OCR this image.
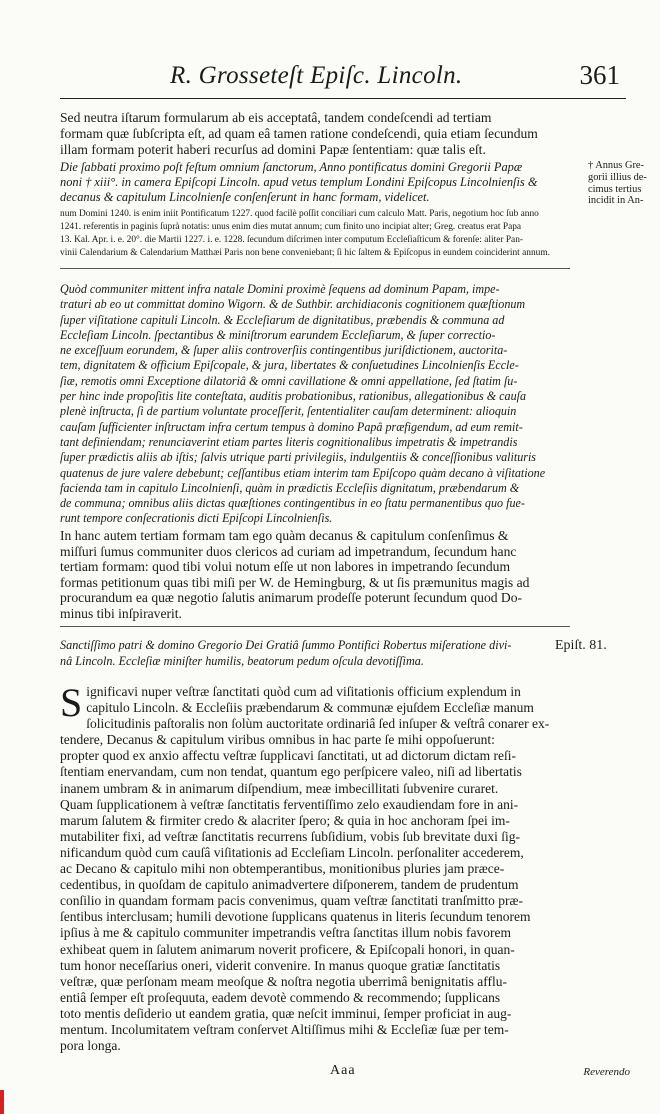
R. Grosseteſt Epiſc. Lincoln.	361

Sed neutra iſtarum formularum ab eis acceptatâ, tandem condeſcendi ad tertiam
formam quæ ſubſcripta eſt, ad quam eâ tamen ratione condeſcendi, quia etiam ſecundum
illam formam poterit haberi recurſus ad domini Papæ ſententiam: quæ talis eſt.

Die ſabbati proximo poſt feſtum omnium ſanctorum, Anno pontificatus domini Gregorii Papæ
noni † xiii°. in camera Epiſcopi Lincoln. apud vetus templum Londini Epiſcopus Lincolnienſis &
decanus & capitulum Lincolnienſe conſenſerunt in hanc formam, videlicet.

† Annus Gre-
gorii illius de-
cimus tertius
incidit in An-

num Domini 1240. is enim iniit Pontificatum 1227. quod facilè poſſit conciliari cum calculo Matt. Paris, negotium hoc ſub anno
1241. referentis in paginis ſuprà notatis: unus enim dies mutat annum; cum finito uno incipiat alter; Greg. creatus erat Papa
13. Kal. Apr. i. e. 20°. die Martii 1227. i. e. 1228. ſecundum diſcrimen inter computum Eccleſiaſticum & forenſe: aliter Pan-
vinii Calendarium & Calendarium Matthæi Paris non bene conveniebant; ſi hic ſaltem & Epiſcopus in eundem coinciderint annum.

Quòd communiter mittent infra natale Domini proximè ſequens ad dominum Papam, impe-
traturi ab eo ut committat domino Wigorn. & de Suthbir. archidiaconis cognitionem quæſtionum
ſuper viſitatione capituli Lincoln. & Eccleſiarum de dignitatibus, præbendis & communa ad
Eccleſiam Lincoln. ſpectantibus & miniſtrorum earundem Eccleſiarum, & ſuper correctio-
ne exceſſuum eorundem, & ſuper aliis controverſiis contingentibus juriſdictionem, auctorita-
tem, dignitatem & officium Epiſcopale, & jura, libertates & conſuetudines Lincolnienſis Eccle-
ſiæ, remotis omni Exceptione dilatoriâ & omni cavillatione & omni appellatione, ſed ſtatim ſu-
per hinc inde propoſitis lite conteſtata, auditis probationibus, rationibus, allegationibus & cauſa
plenè inſtructa, ſi de partium voluntate proceſſerit, ſententialiter cauſam determinent: alioquin
cauſam ſufficienter inſtructam infra certum tempus à domino Papâ præfigendum, ad eum remit-
tant definiendam; renunciaverint etiam partes literis cognitionalibus impetratis & impetrandis
ſuper prædictis aliis ab iſtis; ſalvis utrique parti privilegiis, indulgentiis & conceſſionibus valituris
quatenus de jure valere debebunt; ceſſantibus etiam interim tam Epiſcopo quàm decano à viſitatione
facienda tam in capitulo Lincolnienſi, quàm in prædictis Eccleſiis dignitatum, præbendarum &
de communa; omnibus aliis dictas quæſtiones contingentibus in eo ſtatu permanentibus quo fue-
runt tempore conſecrationis dicti Epiſcopi Lincolnienſis.

In hanc autem tertiam formam tam ego quàm decanus & capitulum conſenſimus &
miſſuri ſumus communiter duos clericos ad curiam ad impetrandum, ſecundum hanc
tertiam formam: quod tibi volui notum eſſe ut non labores in impetrando ſecundum
formas petitionum quas tibi miſi per W. de Hemingburg, & ut ſis præmunitus magis ad
procurandum ea quæ negotio ſalutis animarum prodeſſe poterunt ſecundum quod Do-
minus tibi inſpiraverit.

Sanctiſſimo patri & domino Gregorio Dei Gratiâ ſummo Pontifici Robertus miſeratione divi-
nâ Lincoln. Eccleſiæ miniſter humilis, beatorum pedum oſcula devotiſſima.

Epiſt. 81.

S ignificavi nuper veſtræ ſanctitati quòd cum ad viſitationis officium explendum in
capitulo Lincoln. & Eccleſiis præbendarum & communæ ejuſdem Eccleſiæ manum
ſolicitudinis paſtoralis non ſolùm auctoritate ordinariâ ſed inſuper & veſtrâ conarer ex-
tendere, Decanus & capitulum viribus omnibus in hac parte ſe mihi oppoſuerunt:
propter quod ex anxio affectu veſtræ ſupplicavi ſanctitati, ut ad dictorum dictam reſi-
ſtentiam enervandam, cum non tendat, quantum ego perſpicere valeo, niſi ad libertatis
inanem umbram & in animarum diſpendium, meæ imbecillitati ſubvenire curaret.
Quam ſupplicationem à veſtræ ſanctitatis ferventiſſimo zelo exaudiendam fore in ani-
marum ſalutem & firmiter credo & alacriter ſpero; & quia in hoc anchoram ſpei im-
mutabiliter fixi, ad veſtræ ſanctitatis recurrens ſubſidium, vobis ſub brevitate duxi ſig-
nificandum quòd cum cauſâ viſitationis ad Eccleſiam Lincoln. perſonaliter accederem,
ac Decano & capitulo mihi non obtemperantibus, monitionibus pluries jam præce-
cedentibus, in quoſdam de capitulo animadvertere diſponerem, tandem de prudentum
conſilio in quandam formam pacis convenimus, quam veſtræ ſanctitati tranſmitto præ-
ſentibus interclusam; humili devotione ſupplicans quatenus in literis ſecundum tenorem
ipſius à me & capitulo communiter impetrandis veſtra ſanctitas illum nobis favorem
exhibeat quem in ſalutem animarum noverit proficere, & Epiſcopali honori, in quan-
tum honor neceſſarius oneri, viderit convenire. In manus quoque gratiæ ſanctitatis
veſtræ, quæ perſonam meam meoſque & noſtra negotia uberrimâ benignitatis afflu-
entiâ ſemper eſt proſequuta, eadem devotè commendo & recommendo; ſupplicans
toto mentis deſiderio ut eandem gratia, quæ neſcit imminui, ſemper proficiat in aug-
mentum. Incolumitatem veſtram conſervet Altiſſimus mihi & Eccleſiæ ſuæ per tem-
pora longa.

Aaa	Reverendo
